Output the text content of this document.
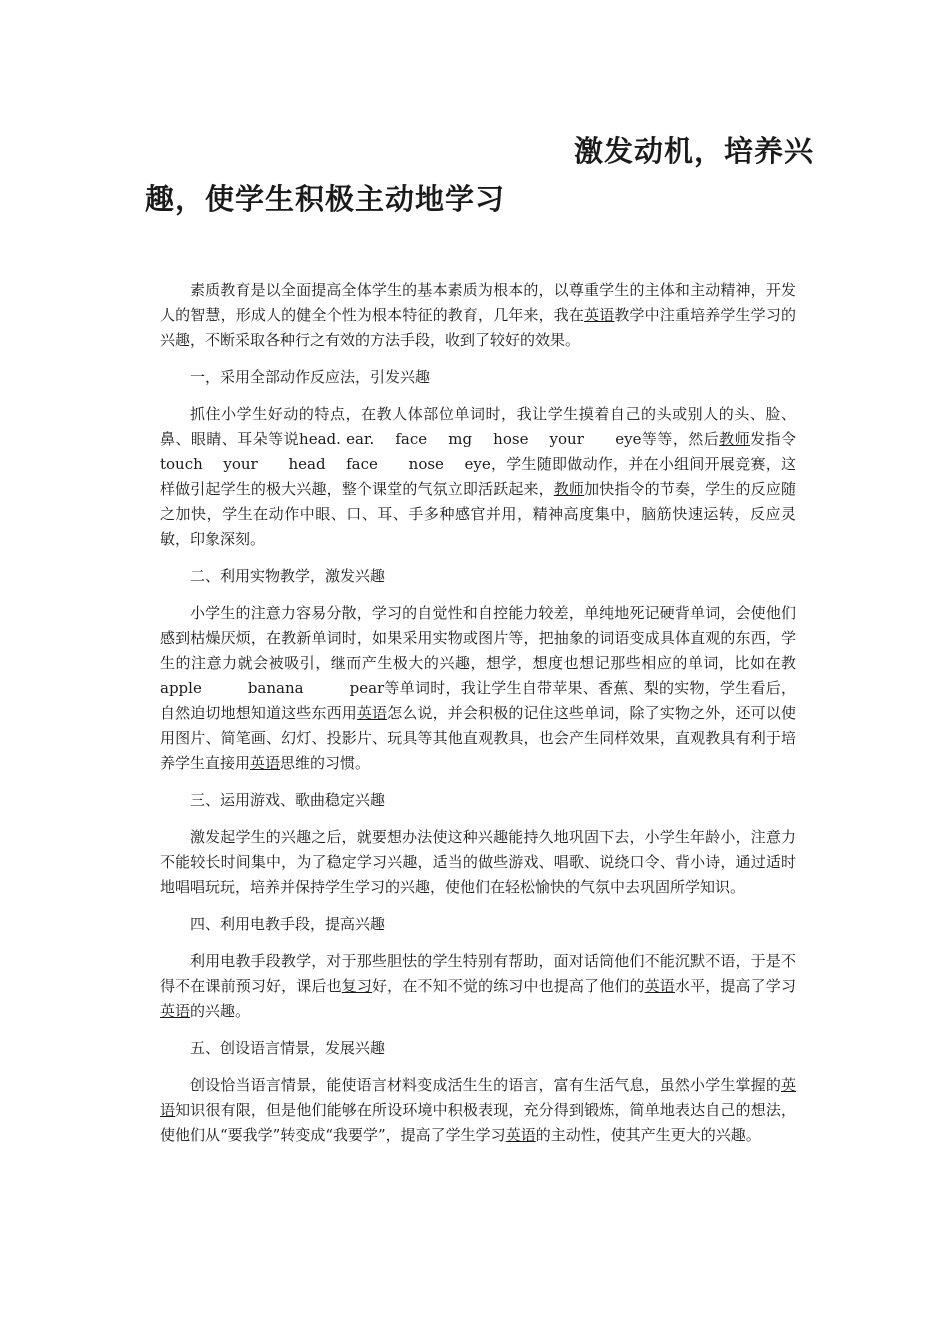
激发动机，培养兴
趣，使学生积极主动地学习

素质教育是以全面提高全体学生的基本素质为根本的，以尊重学生的主体和主动精神，开发人的智慧，形成人的健全个性为根本特征的教育，几年来，我在英语教学中注重培养学生学习的兴趣，不断采取各种行之有效的方法手段，收到了较好的效果。

一，采用全部动作反应法，引发兴趣

抓住小学生好动的特点，在教人体部位单词时，我让学生摸着自己的头或别人的头、脸、鼻、眼睛、耳朵等说head. ear.　 face　 mg　 hose　 your　　eye等等，然后教师发指令touch　 your　　head　 face　　nose　 eye，学生随即做动作，并在小组间开展竞赛，这样做引起学生的极大兴趣，整个课堂的气氛立即活跃起来，教师加快指令的节奏，学生的反应随之加快，学生在动作中眼、口、耳、手多种感官并用，精神高度集中，脑筋快速运转，反应灵敏，印象深刻。

二、利用实物教学，激发兴趣

小学生的注意力容易分散，学习的自觉性和自控能力较差，单纯地死记硬背单词，会使他们感到枯燥厌烦，在教新单词时，如果采用实物或图片等，把抽象的词语变成具体直观的东西，学生的注意力就会被吸引，继而产生极大的兴趣，想学，想度也想记那些相应的单词，比如在教apple　　　banana　　　pear等单词时，我让学生自带苹果、香蕉、梨的实物，学生看后，自然迫切地想知道这些东西用英语怎么说，并会积极的记住这些单词，除了实物之外，还可以使用图片、简笔画、幻灯、投影片、玩具等其他直观教具，也会产生同样效果，直观教具有利于培养学生直接用英语思维的习惯。

三、运用游戏、歌曲稳定兴趣

激发起学生的兴趣之后，就要想办法使这种兴趣能持久地巩固下去，小学生年龄小，注意力不能较长时间集中，为了稳定学习兴趣，适当的做些游戏、唱歌、说绕口令、背小诗，通过适时地唱唱玩玩，培养并保持学生学习的兴趣，使他们在轻松愉快的气氛中去巩固所学知识。

四、利用电教手段，提高兴趣

利用电教手段教学，对于那些胆怯的学生特别有帮助，面对话筒他们不能沉默不语，于是不得不在课前预习好，课后也复习好，在不知不觉的练习中也提高了他们的英语水平，提高了学习英语的兴趣。

五、创设语言情景，发展兴趣

创设恰当语言情景，能使语言材料变成活生生的语言，富有生活气息，虽然小学生掌握的英语知识很有限，但是他们能够在所设环境中积极表现，充分得到锻炼，简单地表达自己的想法，使他们从“要我学”转变成“我要学”，提高了学生学习英语的主动性，使其产生更大的兴趣。
